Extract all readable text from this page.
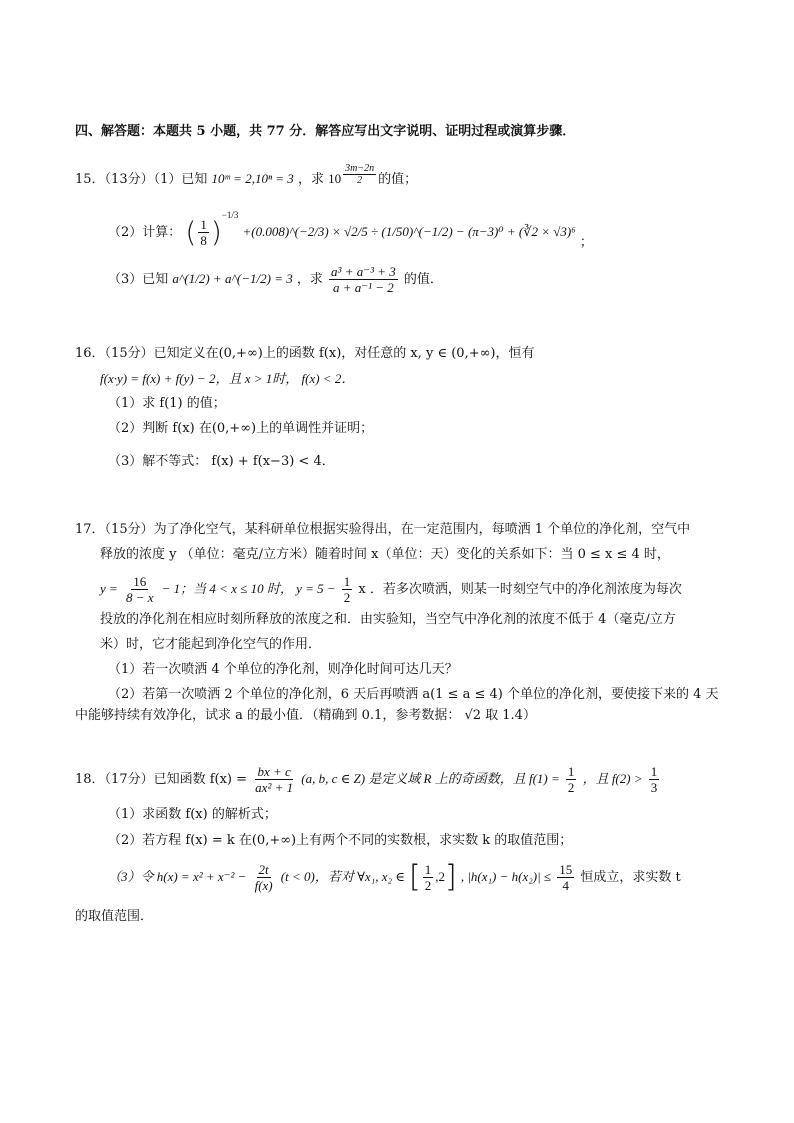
四、解答题：本题共 5 小题，共 77 分．解答应写出文字说明、证明过程或演算步骤．
15．（13分）（1）已知 10ᵐ = 2,10ⁿ = 3 ，求 $10 \frac{3m-2n}{2}$ 的值；
（2）计算： ( $\frac{1}{8} )^{-1/3}$ +(0.008)^(−2/3) × √2/5 ÷ (1/50)^(−1/2) − (π−3)⁰ + (∛2 × √3)⁶ ；
（3）已知 a^(1/2) + a^(−1/2) = 3 ，求 $\frac{\text{a³ + a⁻³ + 3}}{\text{a + a⁻¹ − 2}}$ 的值．
16．（15分）已知定义在(0,+∞)上的函数 f(x)，对任意的 x, y ∈ (0,+∞)，恒有
f(x·y) = f(x) + f(y) − 2，且 x > 1时， f(x) < 2．
（1）求 f(1) 的值；
（2）判断 f(x) 在(0,+∞)上的单调性并证明；
（3）解不等式： f(x) + f(x−3) < 4．
17．（15分）为了净化空气，某科研单位根据实验得出，在一定范围内，每喷洒 1 个单位的净化剂，空气中
释放的浓度 y （单位：毫克/立方米）随着时间 x（单位：天）变化的关系如下：当 0 ≤ x ≤ 4 时，
$y = \frac{16}{8 - x} - 1$；当 4 < x ≤ 10 时， $y = 5 - \frac{1}{2}$ x ．若多次喷洒，则某一时刻空气中的净化剂浓度为每次
投放的净化剂在相应时刻所释放的浓度之和．由实验知，当空气中净化剂的浓度不低于 4（毫克/立方
米）时，它才能起到净化空气的作用．
（1）若一次喷洒 4 个单位的净化剂，则净化时间可达几天？
（2）若第一次喷洒 2 个单位的净化剂，6 天后再喷洒 a(1 ≤ a ≤ 4) 个单位的净化剂，要使接下来的 4 天
中能够持续有效净化，试求 a 的最小值．（精确到 0.1，参考数据： √2 取 1.4）
18．（17分）已知函数 $f(x) = \frac{bx + c}{\text{ax² + 1}} (a$, b, c ∈ Z) 是定义域 R 上的奇函数，且 $f(1) = \frac{1}{2}$ ，且 $f(2) > \frac{1}{3}$
（1）求函数 f(x) 的解析式；
（2）若方程 f(x) = k 在(0,+∞)上有两个不同的实数根，求实数 k 的取值范围；
（3）令 $h(x) = x^2 + x^{-2} - \frac{2t}{f(x)} (t < 0)$，若对 ∀x₁, x₂ ∈ [ $\frac{1}{2} ,2$] , $|h(x_1) - h(x_2)| \le \frac{15}{4}$ 恒成立，求实数 t
的取值范围．
